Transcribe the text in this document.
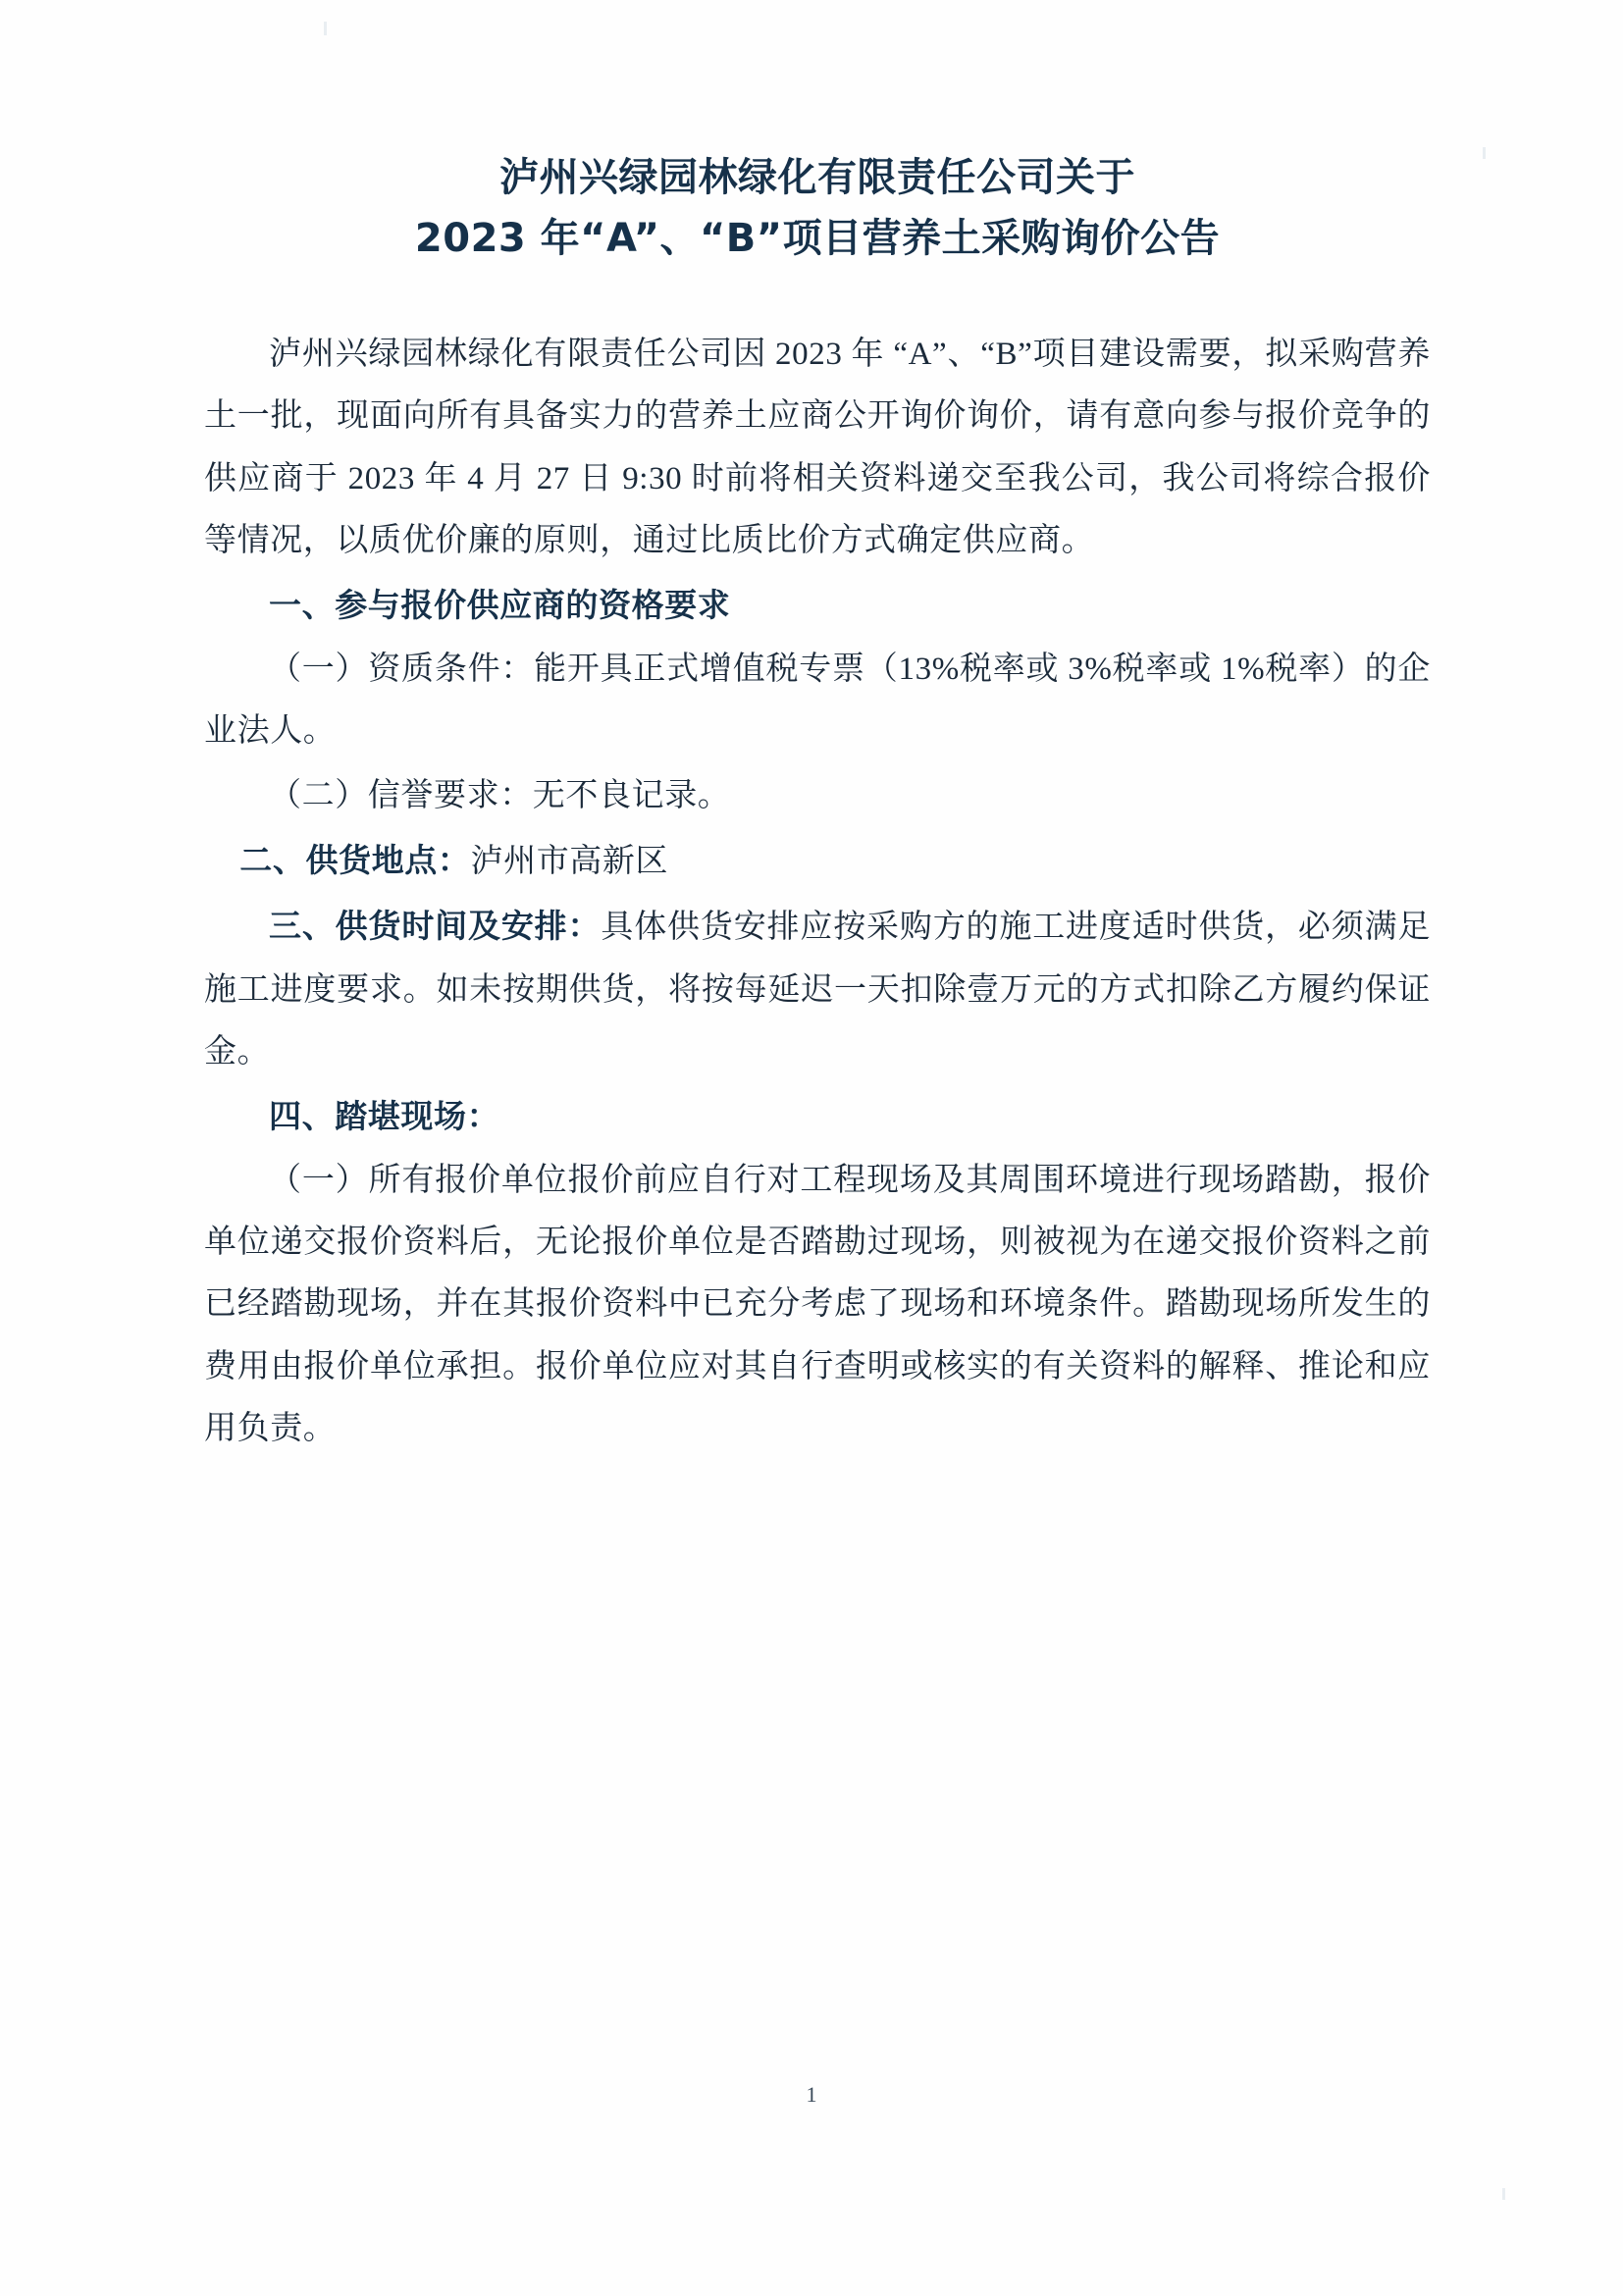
泸州兴绿园林绿化有限责任公司关于
2023 年“A”、“B”项目营养土采购询价公告

泸州兴绿园林绿化有限责任公司因 2023 年 “A”、“B”项目建设需要，拟采购营养土一批，现面向所有具备实力的营养土应商公开询价询价，请有意向参与报价竞争的供应商于 2023 年 4 月 27 日 9:30 时前将相关资料递交至我公司，我公司将综合报价等情况，以质优价廉的原则，通过比质比价方式确定供应商。

一、参与报价供应商的资格要求

（一）资质条件：能开具正式增值税专票（13%税率或 3%税率或 1%税率）的企业法人。

（二）信誉要求：无不良记录。

二、供货地点：泸州市高新区

三、供货时间及安排：具体供货安排应按采购方的施工进度适时供货，必须满足施工进度要求。如未按期供货，将按每延迟一天扣除壹万元的方式扣除乙方履约保证金。

四、踏堪现场：

（一）所有报价单位报价前应自行对工程现场及其周围环境进行现场踏勘，报价单位递交报价资料后，无论报价单位是否踏勘过现场，则被视为在递交报价资料之前已经踏勘现场，并在其报价资料中已充分考虑了现场和环境条件。踏勘现场所发生的费用由报价单位承担。报价单位应对其自行查明或核实的有关资料的解释、推论和应用负责。

1
